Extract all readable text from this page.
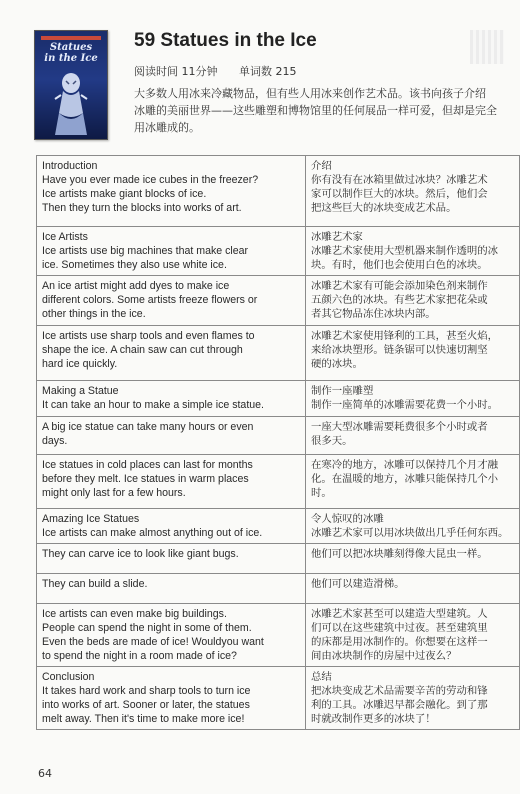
Statues
in the Ice
59 Statues in the Ice
阅读时间 11分钟 单词数 215
大多数人用冰来冷藏物品，但有些人用冰来创作艺术品。该书向孩子介绍
冰雕的美丽世界——这些雕塑和博物馆里的任何展品一样可爱，但却是完全
用冰雕成的。
Introduction
Have you ever made ice cubes in the freezer?
Ice artists make giant blocks of ice.
Then they turn the blocks into works of art.	介绍
你有没有在冰箱里做过冰块？冰雕艺术
家可以制作巨大的冰块。然后，他们会
把这些巨大的冰块变成艺术品。

Ice Artists
Ice artists use big machines that make clear
ice. Sometimes they also use white ice.	冰雕艺术家
冰雕艺术家使用大型机器来制作透明的冰
块。有时，他们也会使用白色的冰块。

An ice artist might add dyes to make ice
different colors. Some artists freeze flowers or
other things in the ice.	冰雕艺术家有可能会添加染色剂来制作
五颜六色的冰块。有些艺术家把花朵或
者其它物品冻住冰块内部。

Ice artists use sharp tools and even flames to
shape the ice. A chain saw can cut through
hard ice quickly.	冰雕艺术家使用锋利的工具，甚至火焰，
来给冰块塑形。链条锯可以快速切割坚
硬的冰块。

Making a Statue
It can take an hour to make a simple ice statue.	制作一座雕塑
制作一座简单的冰雕需要花费一个小时。

A big ice statue can take many hours or even
days.	一座大型冰雕需要耗费很多个小时或者
很多天。

Ice statues in cold places can last for months
before they melt. Ice statues in warm places
might only last for a few hours.	在寒冷的地方，冰雕可以保持几个月才融
化。在温暖的地方，冰雕只能保持几个小
时。

Amazing Ice Statues
Ice artists can make almost anything out of ice.	令人惊叹的冰雕
冰雕艺术家可以用冰块做出几乎任何东西。

They can carve ice to look like giant bugs.	他们可以把冰块雕刻得像大昆虫一样。

They can build a slide.	他们可以建造滑梯。

Ice artists can even make big buildings.
People can spend the night in some of them.
Even the beds are made of ice! Wouldyou want
to spend the night in a room made of ice?	冰雕艺术家甚至可以建造大型建筑。人
们可以在这些建筑中过夜。甚至建筑里
的床都是用冰制作的。你想要在这样一
间由冰块制作的房屋中过夜么？

Conclusion
It takes hard work and sharp tools to turn ice
into works of art. Sooner or later, the statues
melt away. Then it's time to make more ice!	总结
把冰块变成艺术品需要辛苦的劳动和锋
利的工具。冰雕迟早都会融化。到了那
时就改制作更多的冰块了！
64
